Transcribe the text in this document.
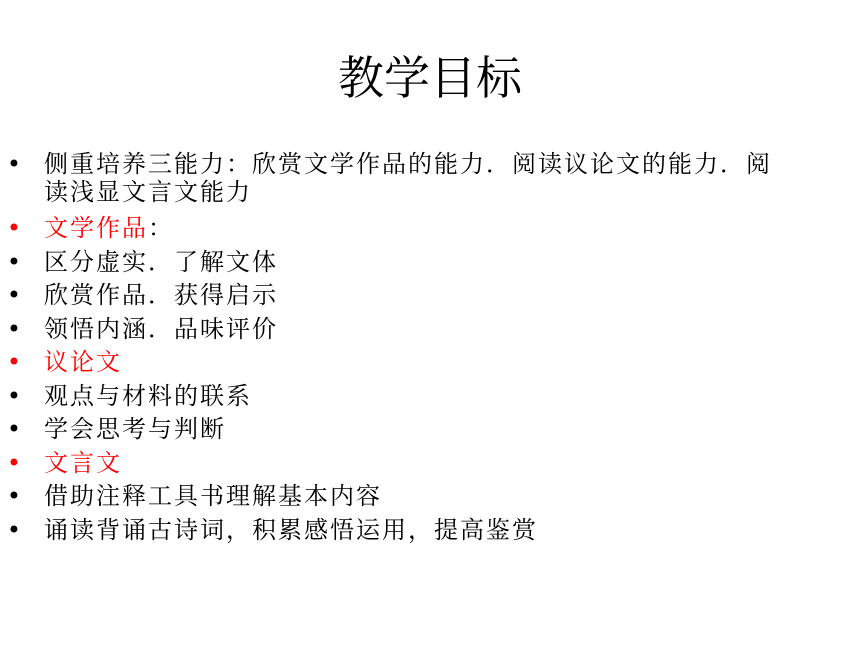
教学目标
• 侧重培养三能力：欣赏文学作品的能力．阅读议论文的能力．阅读浅显文言文能力
• 文学作品：
• 区分虚实．了解文体
• 欣赏作品．获得启示
• 领悟内涵．品味评价
• 议论文
• 观点与材料的联系
• 学会思考与判断
• 文言文
• 借助注释工具书理解基本内容
• 诵读背诵古诗词，积累感悟运用，提高鉴赏
